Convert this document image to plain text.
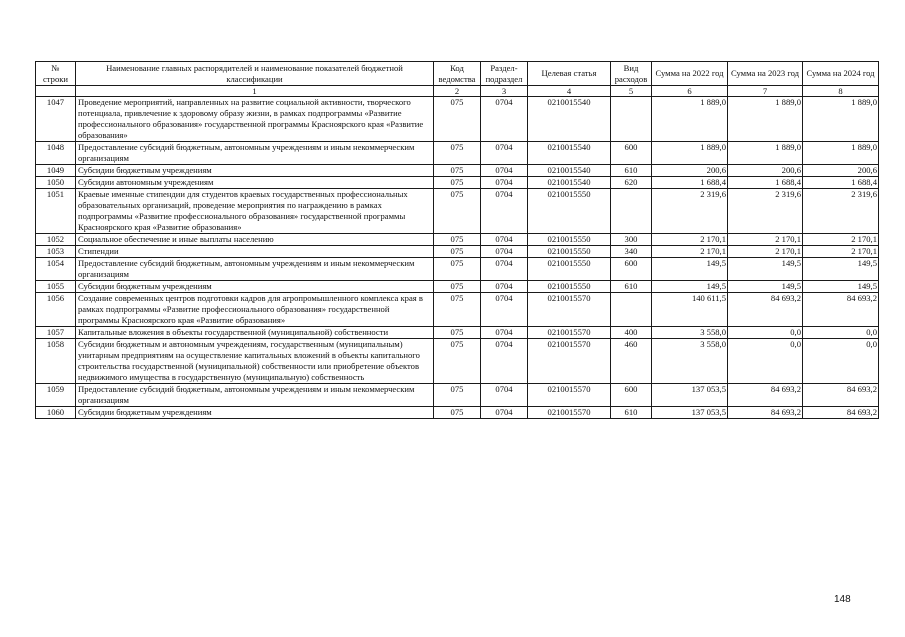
№ строки	Наименование главных распорядителей и наименование показателей бюджетной классификации	Код ведомства	Раздел-подраздел	Целевая статья	Вид расходов	Сумма на 2022 год	Сумма на 2023 год	Сумма на 2024 год
	1	2	3	4	5	6	7	8
1047	Проведение мероприятий, направленных на развитие социальной активности, творческого потенциала, привлечение к здоровому образу жизни, в рамках подпрограммы «Развитие профессионального образования» государственной программы Красноярского края «Развитие образования»	075	0704	0210015540		1 889,0	1 889,0	1 889,0
1048	Предоставление субсидий бюджетным, автономным учреждениям и иным некоммерческим организациям	075	0704	0210015540	600	1 889,0	1 889,0	1 889,0
1049	Субсидии бюджетным учреждениям	075	0704	0210015540	610	200,6	200,6	200,6
1050	Субсидии автономным учреждениям	075	0704	0210015540	620	1 688,4	1 688,4	1 688,4
1051	Краевые именные стипендии для студентов краевых государственных профессиональных образовательных организаций, проведение мероприятия по награждению в рамках подпрограммы «Развитие профессионального образования» государственной программы Красноярского края «Развитие образования»	075	0704	0210015550		2 319,6	2 319,6	2 319,6
1052	Социальное обеспечение и иные выплаты населению	075	0704	0210015550	300	2 170,1	2 170,1	2 170,1
1053	Стипендии	075	0704	0210015550	340	2 170,1	2 170,1	2 170,1
1054	Предоставление субсидий бюджетным, автономным учреждениям и иным некоммерческим организациям	075	0704	0210015550	600	149,5	149,5	149,5
1055	Субсидии бюджетным учреждениям	075	0704	0210015550	610	149,5	149,5	149,5
1056	Создание современных центров подготовки кадров для агропромышленного комплекса края в рамках подпрограммы «Развитие профессионального образования» государственной программы Красноярского края «Развитие образования»	075	0704	0210015570		140 611,5	84 693,2	84 693,2
1057	Капитальные вложения в объекты государственной (муниципальной) собственности	075	0704	0210015570	400	3 558,0	0,0	0,0
1058	Субсидии бюджетным и автономным учреждениям, государственным (муниципальным) унитарным предприятиям на осуществление капитальных вложений в объекты капитального строительства государственной (муниципальной) собственности или приобретение объектов недвижимого имущества в государственную (муниципальную) собственность	075	0704	0210015570	460	3 558,0	0,0	0,0
1059	Предоставление субсидий бюджетным, автономным учреждениям и иным некоммерческим организациям	075	0704	0210015570	600	137 053,5	84 693,2	84 693,2
1060	Субсидии бюджетным учреждениям	075	0704	0210015570	610	137 053,5	84 693,2	84 693,2
148
